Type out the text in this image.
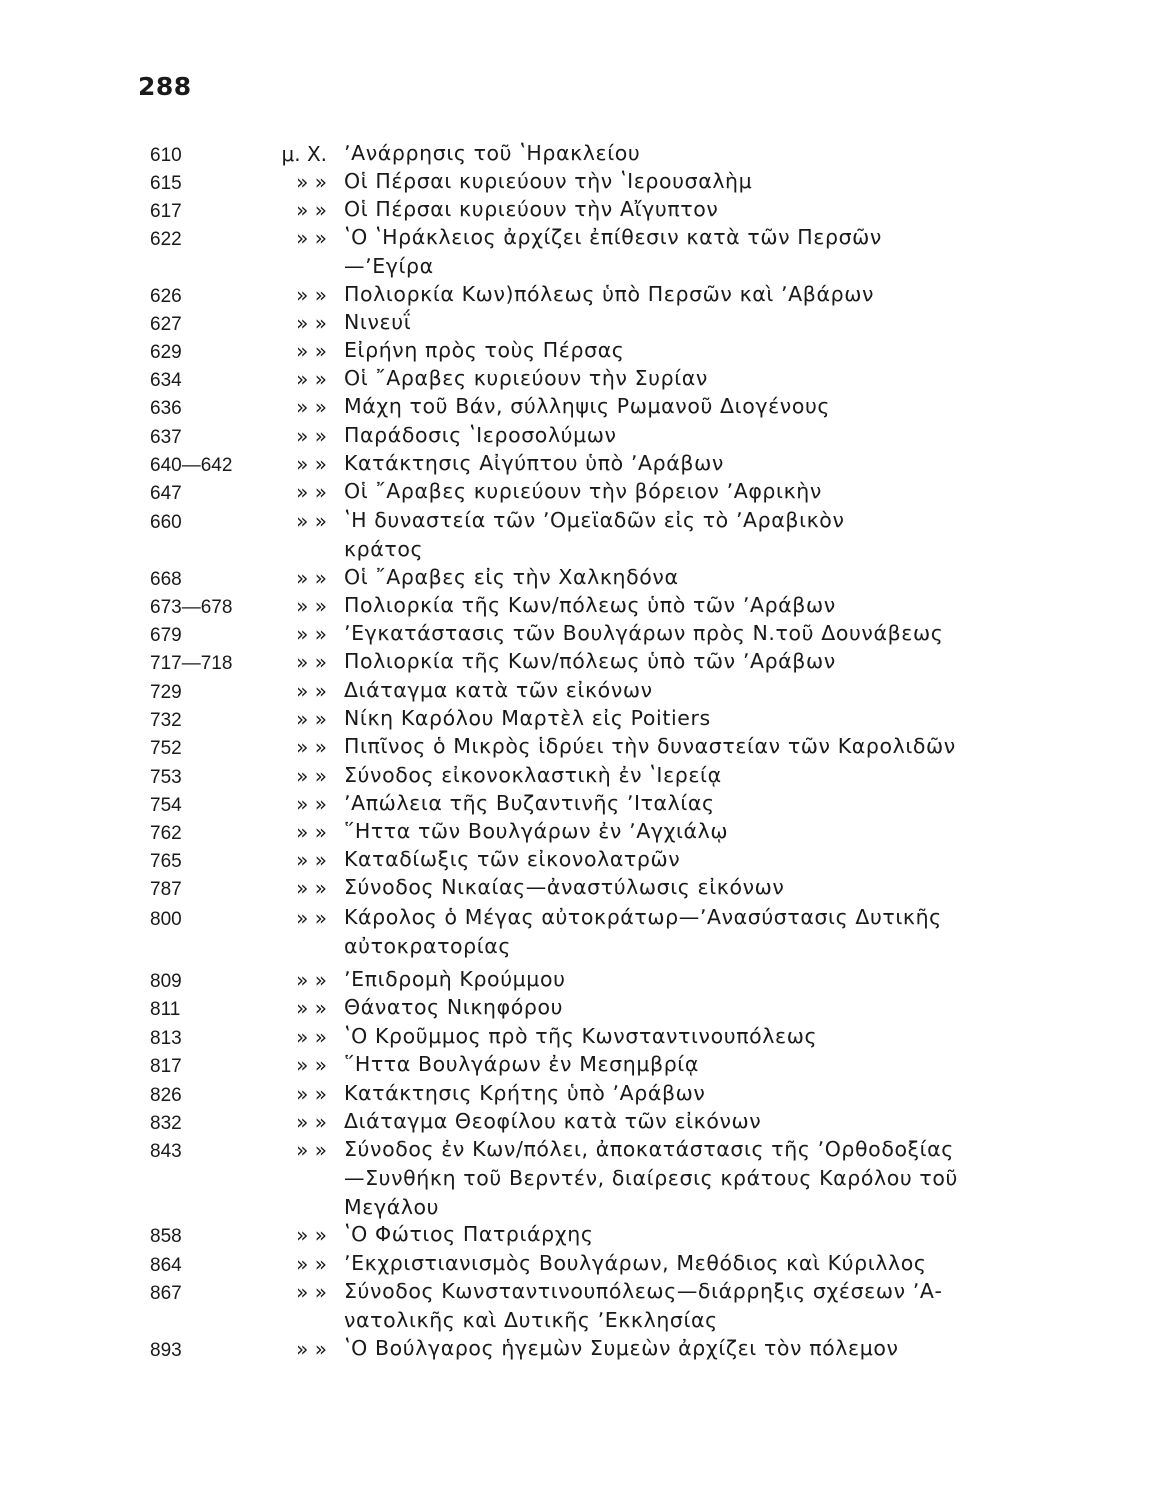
288
610	μ. Χ. ʼΑνάρρησις τοῦ ʽΗρακλείου
615	» » Οἱ Πέρσαι κυριεύουν τὴν ʽΙερουσαλὴμ
617	» » Οἱ Πέρσαι κυριεύουν τὴν Αἴγυπτον
622	» » ʽΟ ʽΗράκλειος ἀρχίζει ἐπίθεσιν κατὰ τῶν Περσῶν
—ʼΕγίρα
626	» » Πολιορκία Κων)πόλεως ὑπὸ Περσῶν καὶ ʼΑβάρων
627	» » Νινευΐ
629	» » Εἰρήνη πρὸς τοὺς Πέρσας
634	» » Οἱ ῎Αραβες κυριεύουν τὴν Συρίαν
636	» » Μάχη τοῦ Βάν, σύλληψις Ρωμανοῦ Διογένους
637	» » Παράδοσις ʽΙεροσολύμων
640—642	» » Κατάκτησις Αἰγύπτου ὑπὸ ʼΑράβων
647	» » Οἱ ῎Αραβες κυριεύουν τὴν βόρειον ʼΑφρικὴν
660	» » ʽΗ δυναστεία τῶν ʼΟμεϊαδῶν εἰς τὸ ʼΑραβικὸν
κράτος
668	» » Οἱ ῎Αραβες εἰς τὴν Χαλκηδόνα
673—678	» » Πολιορκία τῆς Κων/πόλεως ὑπὸ τῶν ʼΑράβων
679	» » ʼΕγκατάστασις τῶν Βουλγάρων πρὸς Ν.τοῦ Δουνάβεως
717—718	» » Πολιορκία τῆς Κων/πόλεως ὑπὸ τῶν ʼΑράβων
729	» » Διάταγμα κατὰ τῶν εἰκόνων
732	» » Νίκη Καρόλου Μαρτὲλ εἰς Poitiers
752	» » Πιπῖνος ὁ Μικρὸς ἱδρύει τὴν δυναστείαν τῶν Καρολιδῶν
753	» » Σύνοδος εἰκονοκλαστικὴ ἐν ʽΙερείᾳ
754	» » ʼΑπώλεια τῆς Βυζαντινῆς ʼΙταλίας
762	» » ῞Ηττα τῶν Βουλγάρων ἐν ʼΑγχιάλῳ
765	» » Καταδίωξις τῶν εἰκονολατρῶν
787	» » Σύνοδος Νικαίας—ἀναστύλωσις εἰκόνων
800	» » Κάρολος ὁ Μέγας αὐτοκράτωρ—ʼΑνασύστασις Δυτικῆς
αὐτοκρατορίας
809	» » ʼΕπιδρομὴ Κρούμμου
811	» » Θάνατος Νικηφόρου
813	» » ʽΟ Κροῦμμος πρὸ τῆς Κωνσταντινουπόλεως
817	» » ῞Ηττα Βουλγάρων ἐν Μεσημβρίᾳ
826	» » Κατάκτησις Κρήτης ὑπὸ ʼΑράβων
832	» » Διάταγμα Θεοφίλου κατὰ τῶν εἰκόνων
843	» » Σύνοδος ἐν Κων/πόλει, ἀποκατάστασις τῆς ʼΟρθοδοξίας
—Συνθήκη τοῦ Βερντέν, διαίρεσις κράτους Καρόλου τοῦ
Μεγάλου
858	» » ʽΟ Φώτιος Πατριάρχης
864	» » ʼΕκχριστιανισμὸς Βουλγάρων, Μεθόδιος καὶ Κύριλλος
867	» » Σύνοδος Κωνσταντινουπόλεως—διάρρηξις σχέσεων ʼΑ-
νατολικῆς καὶ Δυτικῆς ʼΕκκλησίας
893	» » ʽΟ Βούλγαρος ἡγεμὼν Συμεὼν ἀρχίζει τὸν πόλεμον
